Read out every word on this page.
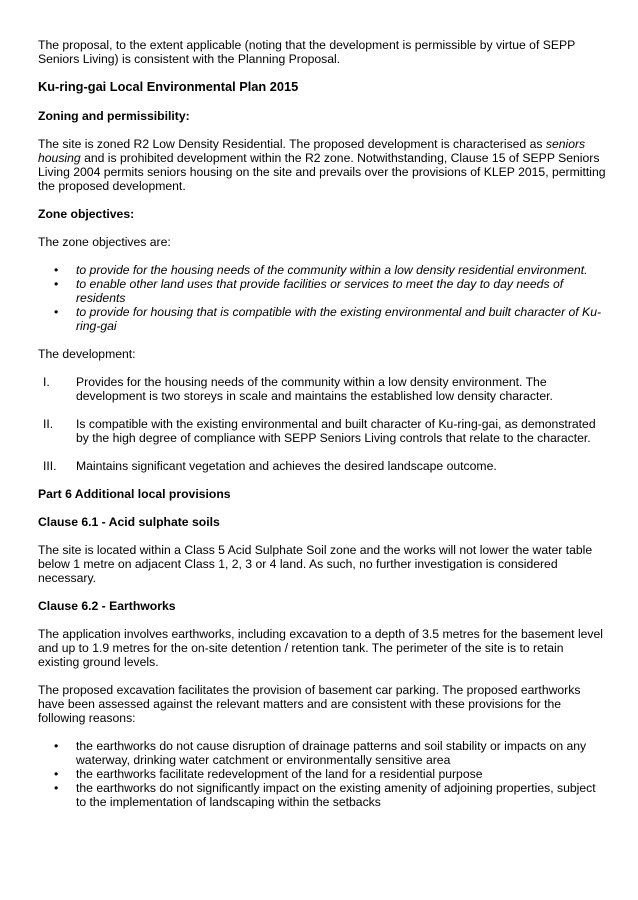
The proposal, to the extent applicable (noting that the development is permissible by virtue of SEPP Seniors Living) is consistent with the Planning Proposal.

Ku-ring-gai Local Environmental Plan 2015

Zoning and permissibility:

The site is zoned R2 Low Density Residential. The proposed development is characterised as seniors housing and is prohibited development within the R2 zone. Notwithstanding, Clause 15 of SEPP Seniors Living 2004 permits seniors housing on the site and prevails over the provisions of KLEP 2015, permitting the proposed development.

Zone objectives:

The zone objectives are:

• to provide for the housing needs of the community within a low density residential environment.
• to enable other land uses that provide facilities or services to meet the day to day needs of residents
• to provide for housing that is compatible with the existing environmental and built character of Ku-ring-gai

The development:

I. Provides for the housing needs of the community within a low density environment. The development is two storeys in scale and maintains the established low density character.
II. Is compatible with the existing environmental and built character of Ku-ring-gai, as demonstrated by the high degree of compliance with SEPP Seniors Living controls that relate to the character.
III. Maintains significant vegetation and achieves the desired landscape outcome.

Part 6 Additional local provisions

Clause 6.1 - Acid sulphate soils

The site is located within a Class 5 Acid Sulphate Soil zone and the works will not lower the water table below 1 metre on adjacent Class 1, 2, 3 or 4 land. As such, no further investigation is considered necessary.

Clause 6.2 - Earthworks

The application involves earthworks, including excavation to a depth of 3.5 metres for the basement level and up to 1.9 metres for the on-site detention / retention tank. The perimeter of the site is to retain existing ground levels.

The proposed excavation facilitates the provision of basement car parking. The proposed earthworks have been assessed against the relevant matters and are consistent with these provisions for the following reasons:

• the earthworks do not cause disruption of drainage patterns and soil stability or impacts on any waterway, drinking water catchment or environmentally sensitive area
• the earthworks facilitate redevelopment of the land for a residential purpose
• the earthworks do not significantly impact on the existing amenity of adjoining properties, subject to the implementation of landscaping within the setbacks
